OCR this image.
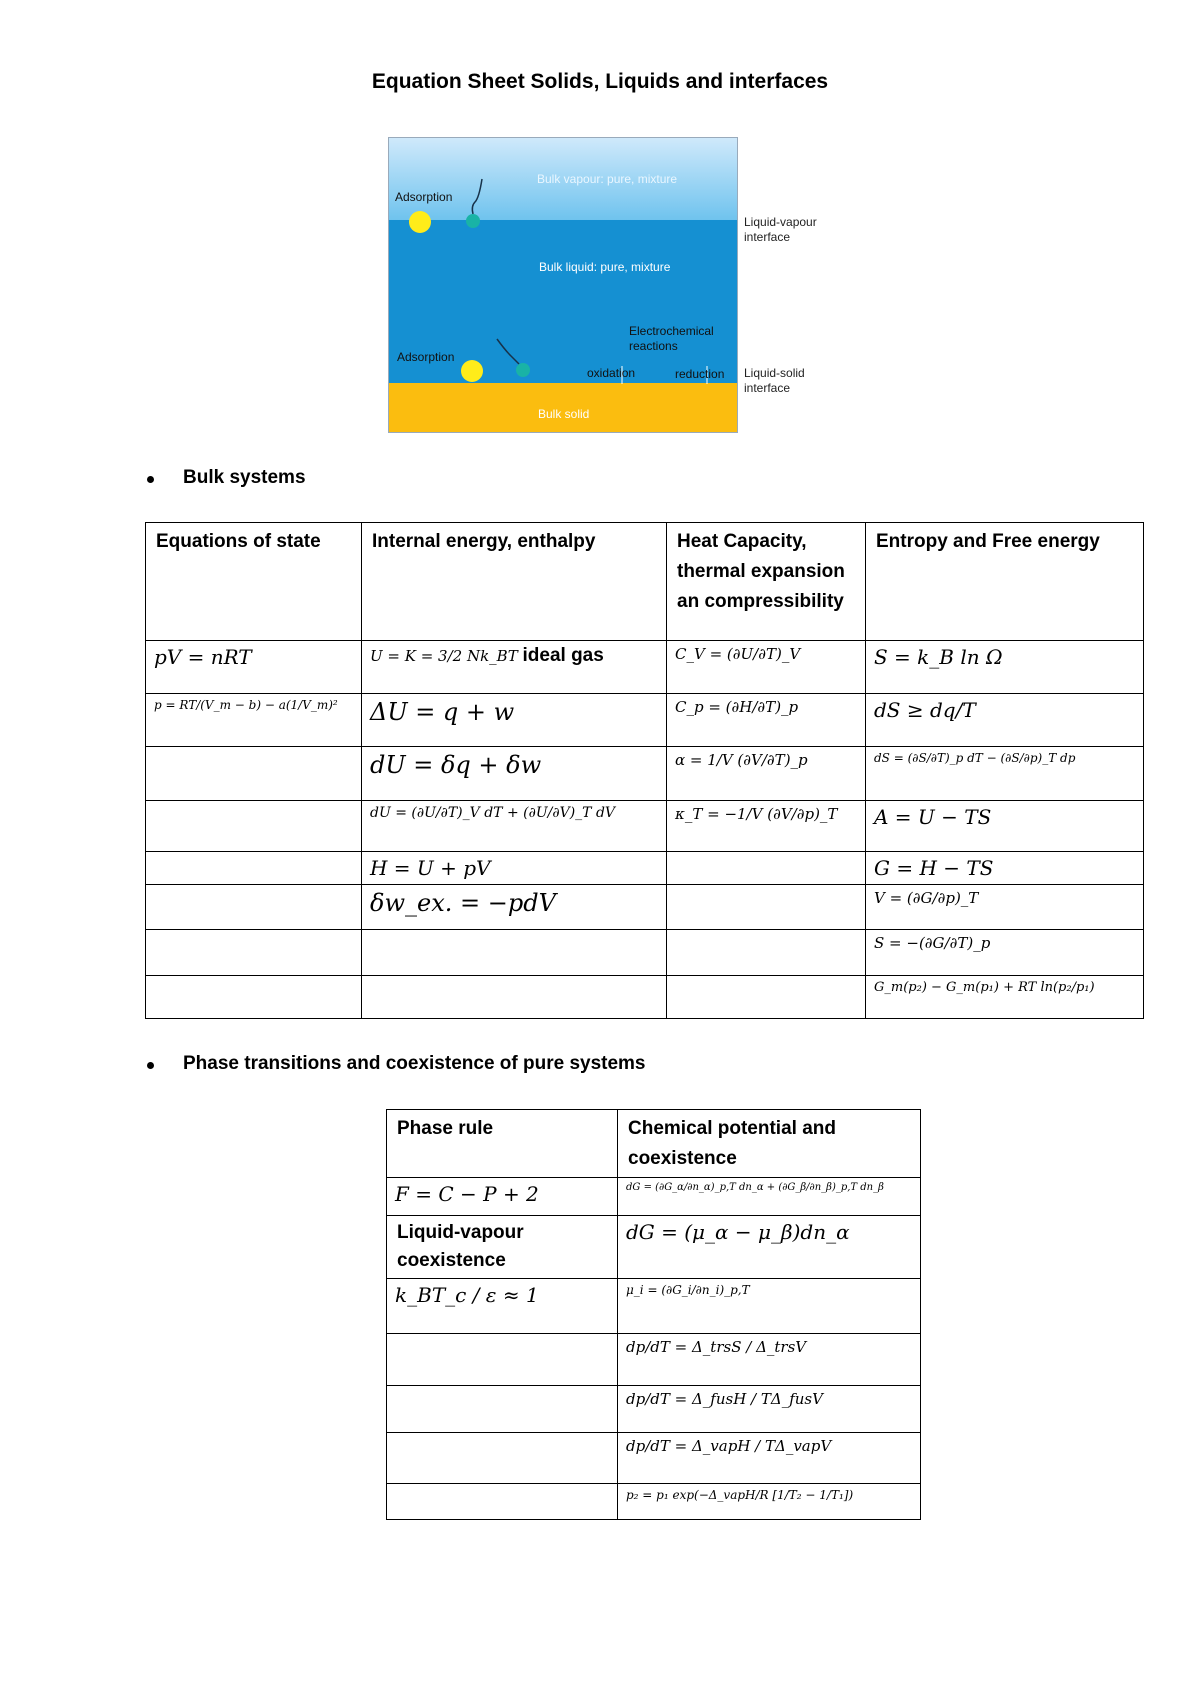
Equation Sheet Solids, Liquids and interfaces
Bulk vapour: pure, mixture
Adsorption
Bulk liquid: pure, mixture
Electrochemical reactions
Adsorption
oxidation	reduction
Bulk solid
Liquid-vapour interface
Liquid-solid interface
Bulk systems
Equations of state	Internal energy, enthalpy	Heat Capacity, thermal expansion an compressibility	Entropy and Free energy
pV = nRT	U = K = 3/2 Nk_BT ideal gas	C_V = (∂U/∂T)_V	S = k_B ln Ω
p = RT/(V_m − b) − a(1/V_m)²	ΔU = q + w	C_p = (∂H/∂T)_p	dS ≥ dq/T
	dU = δq + δw	α = 1/V (∂V/∂T)_p	dS = (∂S/∂T)_p dT − (∂S/∂p)_T dp
	dU = (∂U/∂T)_V dT + (∂U/∂V)_T dV	κ_T = −1/V (∂V/∂p)_T	A = U − TS
	H = U + pV		G = H − TS
	δw_ex. = −pdV		V = (∂G/∂p)_T
			S = −(∂G/∂T)_p
			G_m(p₂) − G_m(p₁) + RT ln(p₂/p₁)
Phase transitions and coexistence of pure systems
Phase rule	Chemical potential and coexistence
F = C − P + 2	dG = (∂G_α/∂n_α)_p,T dn_α + (∂G_β/∂n_β)_p,T dn_β
Liquid-vapour coexistence	dG = (μ_α − μ_β)dn_α
k_BT_c / ε ≈ 1	μ_i = (∂G_i/∂n_i)_p,T
	dp/dT = Δ_trsS / Δ_trsV
	dp/dT = Δ_fusH / TΔ_fusV
	dp/dT = Δ_vapH / TΔ_vapV
	p₂ = p₁ exp(−Δ_vapH/R [1/T₂ − 1/T₁])
